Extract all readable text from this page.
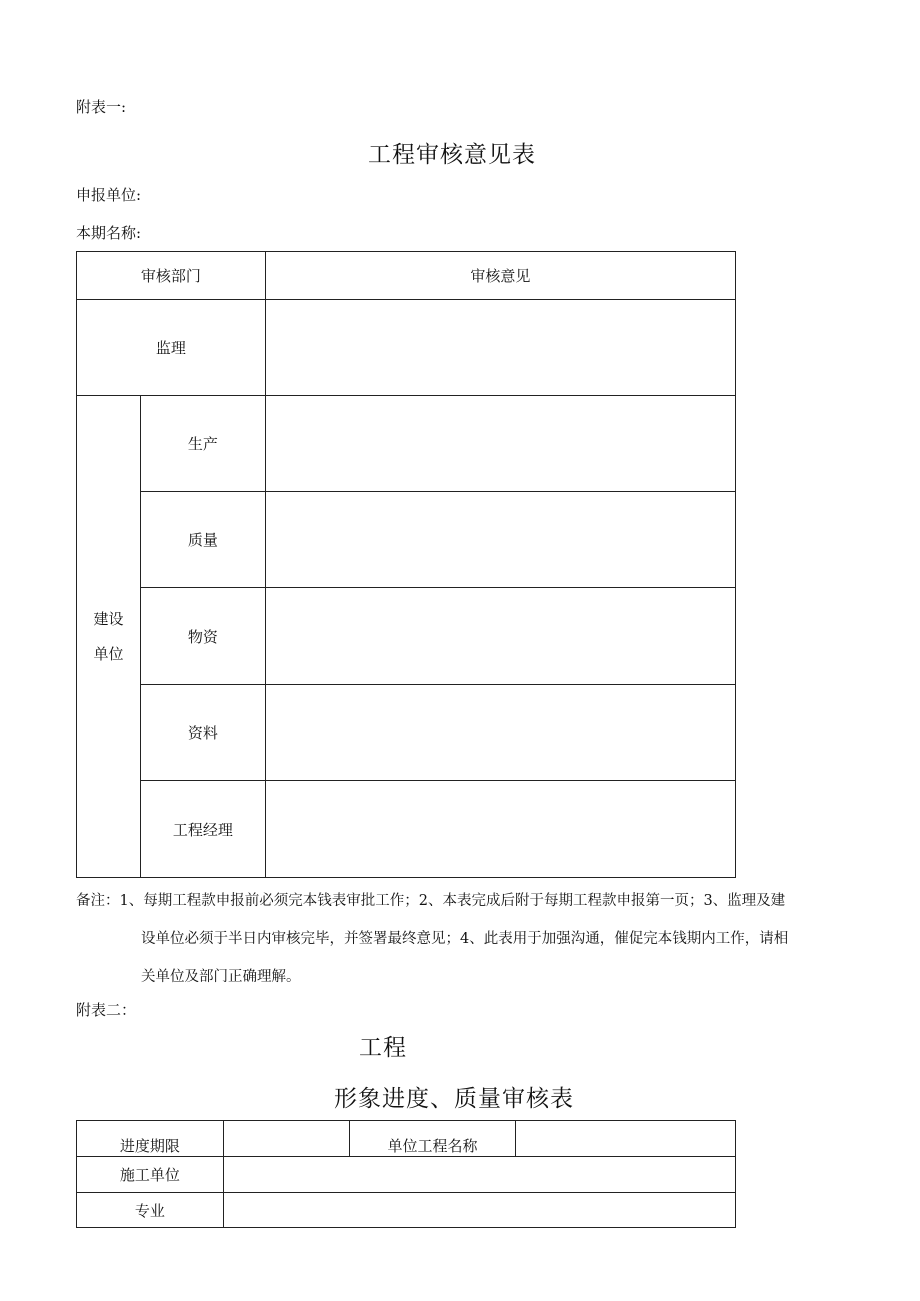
附表一:
工程审核意见表
申报单位:
本期名称:
审核部门		审核意见
监理		

建设单位	生产	
	质量	
	物资	
	资料	
	工程经理	
备注：1、每期工程款申报前必须完本钱表审批工作；2、本表完成后附于每期工程款申报第一页；3、监理及建
设单位必须于半日内审核完毕，并签署最终意见；4、此表用于加强沟通，催促完本钱期内工作，请相
关单位及部门正确理解。
附表二：
工程
形象进度、质量审核表
进度期限		单位工程名称	
施工单位			
专业			
